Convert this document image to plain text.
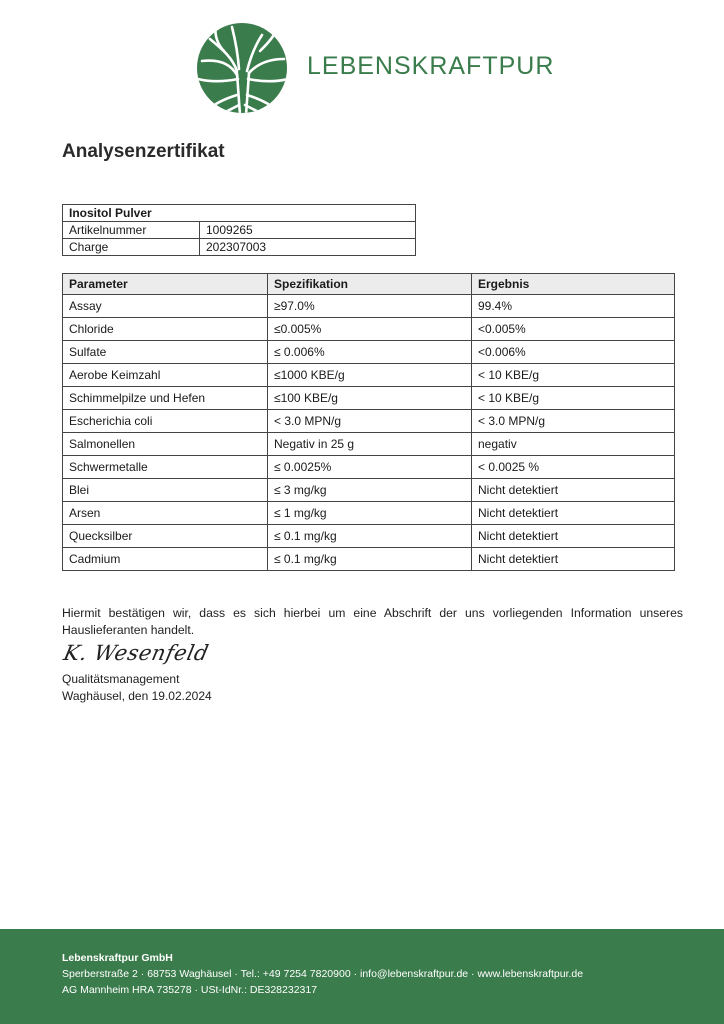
LEBENSKRAFTPUR
Analysenzertifikat
Inositol Pulver	
Artikelnummer	1009265
Charge	202307003
Parameter	Spezifikation	Ergebnis
Assay	≥97.0%	99.4%
Chloride	≤0.005%	<0.005%
Sulfate	≤ 0.006%	<0.006%
Aerobe Keimzahl	≤1000 KBE/g	< 10 KBE/g
Schimmelpilze und Hefen	≤100 KBE/g	< 10 KBE/g
Escherichia coli	< 3.0 MPN/g	< 3.0 MPN/g
Salmonellen	Negativ in 25 g	negativ
Schwermetalle	≤ 0.0025%	< 0.0025 %
Blei	≤ 3 mg/kg	Nicht detektiert
Arsen	≤ 1 mg/kg	Nicht detektiert
Quecksilber	≤ 0.1 mg/kg	Nicht detektiert
Cadmium	≤ 0.1 mg/kg	Nicht detektiert

Hiermit bestätigen wir, dass es sich hierbei um eine Abschrift der uns vorliegenden Information unseres Hauslieferanten handelt.

K. Wesenfeld
Qualitätsmanagement
Waghäusel, den 19.02.2024
Lebenskraftpur GmbH
Sperberstraße 2 · 68753 Waghäusel · Tel.: +49 7254 7820900 · info@lebenskraftpur.de · www.lebenskraftpur.de
AG Mannheim HRA 735278 · USt-IdNr.: DE328232317
